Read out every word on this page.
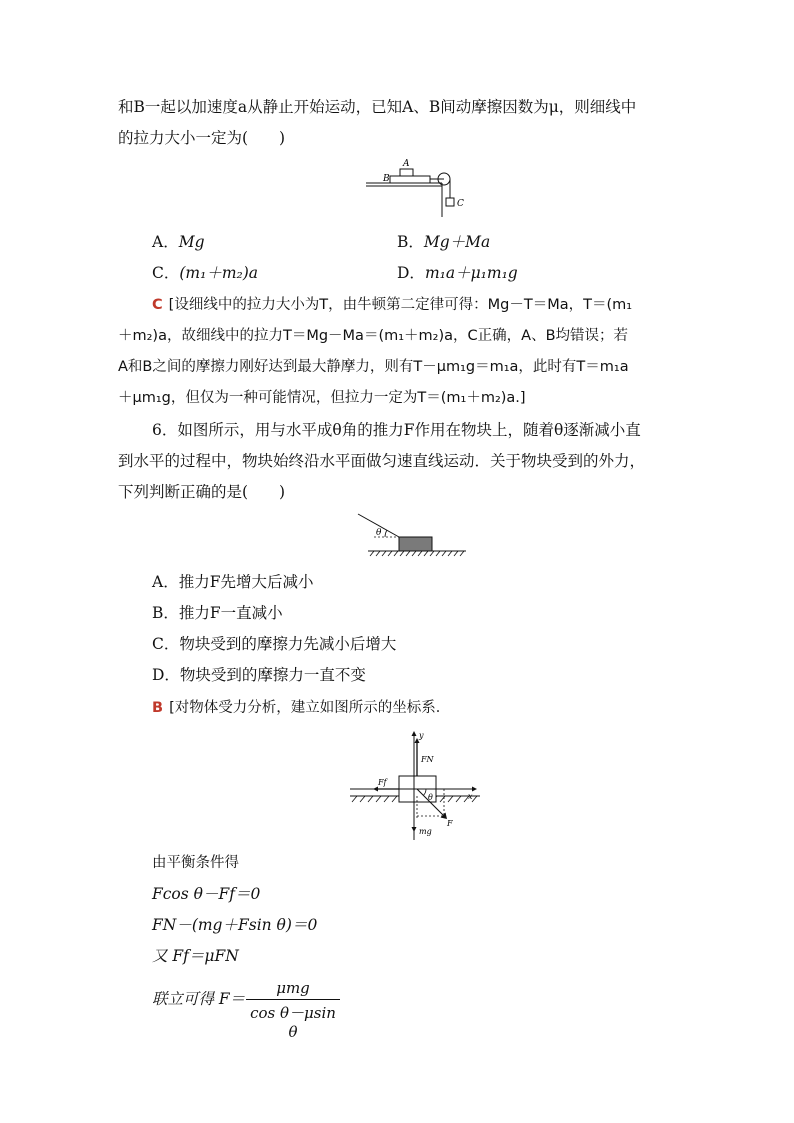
和B一起以加速度a从静止开始运动，已知A、B间动摩擦因数为μ，则细线中
的拉力大小一定为(　　)
A
B
C
A．Mg	B．Mg＋Ma
C．(m₁＋m₂)a	D．m₁a＋μ₁m₁g
C [设细线中的拉力大小为T，由牛顿第二定律可得：Mg－T＝Ma，T＝(m₁
＋m₂)a，故细线中的拉力T＝Mg－Ma＝(m₁＋m₂)a，C正确，A、B均错误；若
A和B之间的摩擦力刚好达到最大静摩力，则有T－μm₁g＝m₁a，此时有T＝m₁a
＋μm₁g，但仅为一种可能情况，但拉力一定为T＝(m₁＋m₂)a.]
6．如图所示，用与水平成θ角的推力F作用在物块上，随着θ逐渐减小直
到水平的过程中，物块始终沿水平面做匀速直线运动．关于物块受到的外力，
下列判断正确的是(　　)
θ
A．推力F先增大后减小
B．推力F一直减小
C．物块受到的摩擦力先减小后增大
D．物块受到的摩擦力一直不变
B [对物体受力分析，建立如图所示的坐标系．
y
x
FN
Ff
θ
F
mg
由平衡条件得
Fcos θ－Ff＝0
FN－(mg＋Fsin θ)＝0
又 Ff＝μFN
联立可得 F＝
μmg
cos θ－μsin θ
